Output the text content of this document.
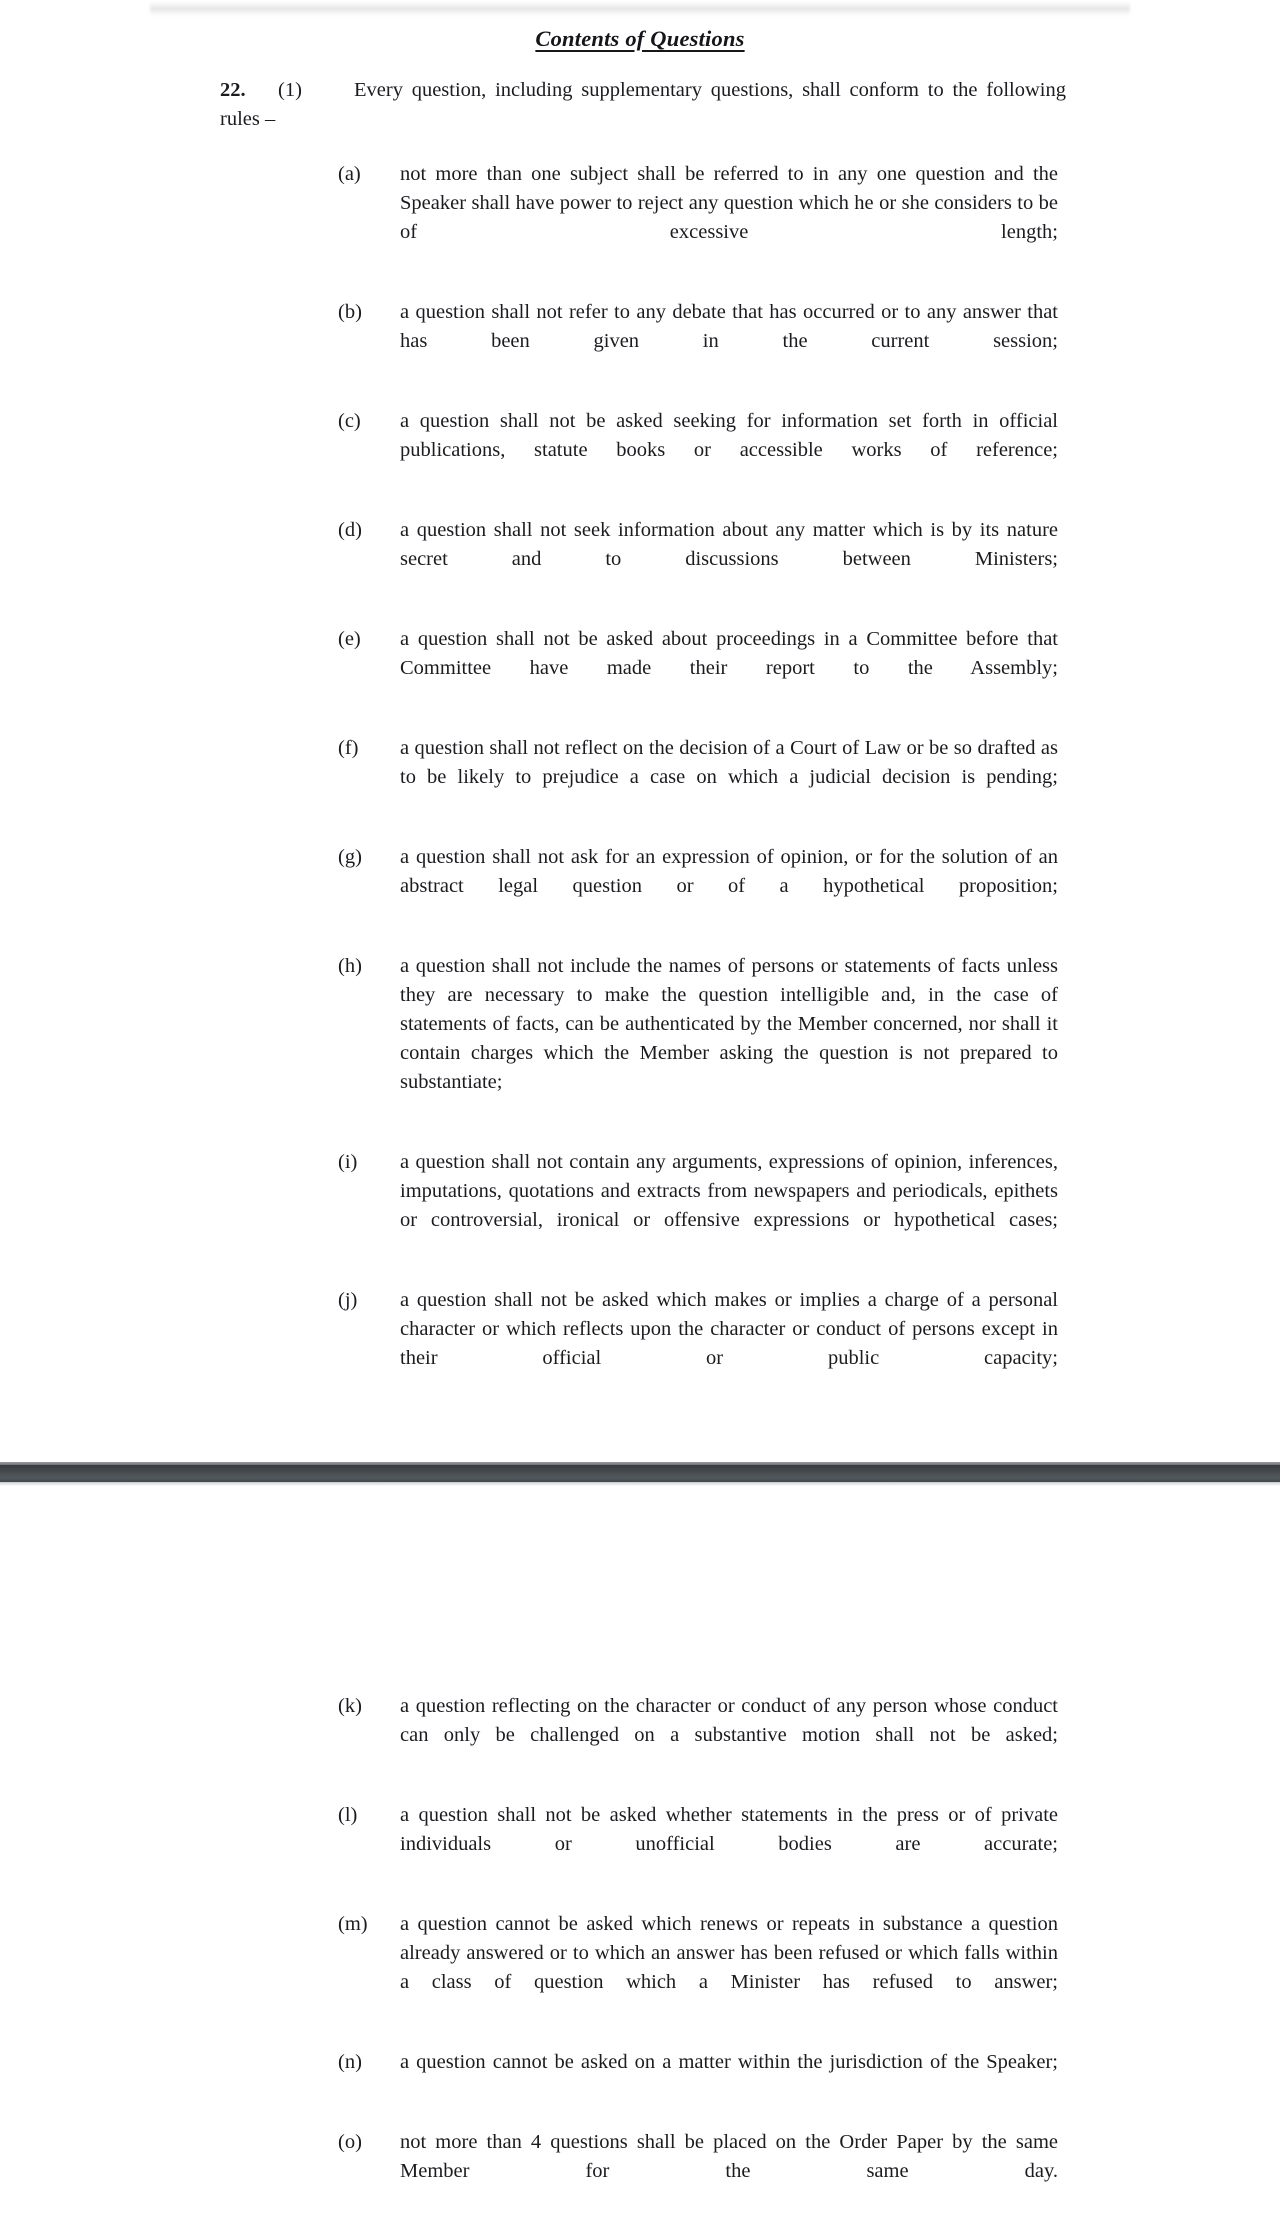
Contents of Questions

22. (1)	Every question, including supplementary questions, shall conform to the following rules –

(a)	not more than one subject shall be referred to in any one question and the Speaker shall have power to reject any question which he or she considers to be of excessive length;
(b)	a question shall not refer to any debate that has occurred or to any answer that has been given in the current session;
(c)	a question shall not be asked seeking for information set forth in official publications, statute books or accessible works of reference;
(d)	a question shall not seek information about any matter which is by its nature secret and to discussions between Ministers;
(e)	a question shall not be asked about proceedings in a Committee before that Committee have made their report to the Assembly;
(f)	a question shall not reflect on the decision of a Court of Law or be so drafted as to be likely to prejudice a case on which a judicial decision is pending;
(g)	a question shall not ask for an expression of opinion, or for the solution of an abstract legal question or of a hypothetical proposition;
(h)	a question shall not include the names of persons or statements of facts unless they are necessary to make the question intelligible and, in the case of statements of facts, can be authenticated by the Member concerned, nor shall it contain charges which the Member asking the question is not prepared to substantiate;
(i)	a question shall not contain any arguments, expressions of opinion, inferences, imputations, quotations and extracts from newspapers and periodicals, epithets or controversial, ironical or offensive expressions or hypothetical cases;
(j)	a question shall not be asked which makes or implies a charge of a personal character or which reflects upon the character or conduct of persons except in their official or public capacity;
(k)	a question reflecting on the character or conduct of any person whose conduct can only be challenged on a substantive motion shall not be asked;
(l)	a question shall not be asked whether statements in the press or of private individuals or unofficial bodies are accurate;
(m)	a question cannot be asked which renews or repeats in substance a question already answered or to which an answer has been refused or which falls within a class of question which a Minister has refused to answer;
(n)	a question cannot be asked on a matter within the jurisdiction of the Speaker;
(o)	not more than 4 questions shall be placed on the Order Paper by the same Member for the same day.
